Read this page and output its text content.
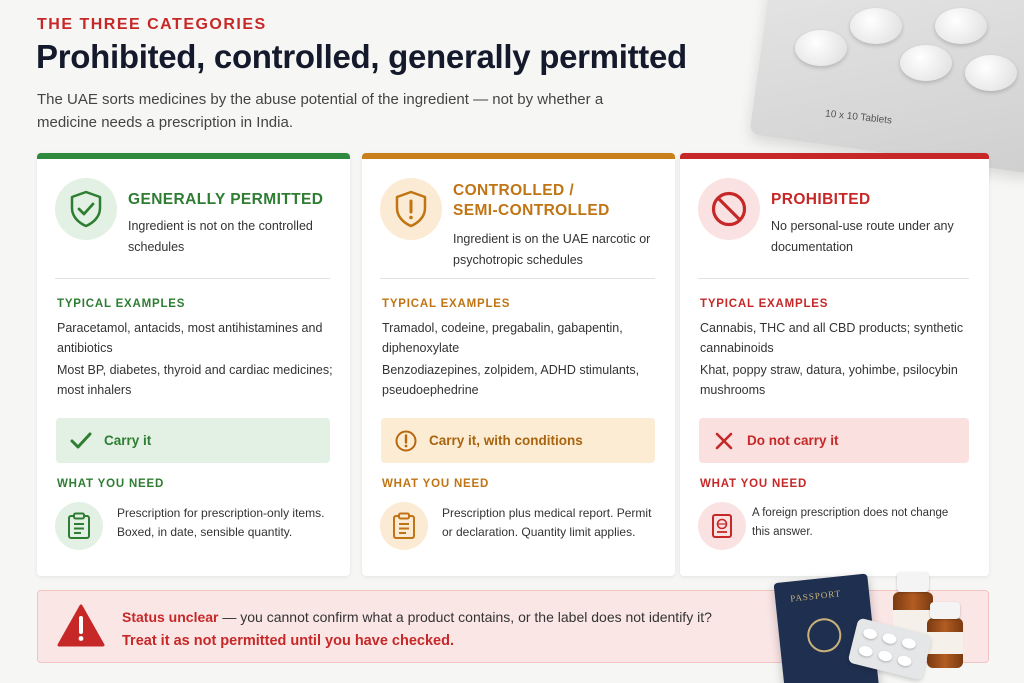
10 x 10 Tablets
THE THREE CATEGORIES
Prohibited, controlled, generally permitted

The UAE sorts medicines by the abuse potential of the ingredient — not by whether a medicine needs a prescription in India.

GENERALLY PERMITTED
Ingredient is not on the controlled schedules
TYPICAL EXAMPLES

Paracetamol, antacids, most antihistamines and antibiotics

Most BP, diabetes, thyroid and cardiac medicines; most inhalers

Carry it
WHAT YOU NEED
Prescription for prescription-only items. Boxed, in date, sensible quantity.
CONTROLLED / SEMI-CONTROLLED
Ingredient is on the UAE narcotic or psychotropic schedules
TYPICAL EXAMPLES

Tramadol, codeine, pregabalin, gabapentin, diphenoxylate

Benzodiazepines, zolpidem, ADHD stimulants, pseudoephedrine

Carry it, with conditions
WHAT YOU NEED
Prescription plus medical report. Permit or declaration. Quantity limit applies.
PROHIBITED
No personal-use route under any documentation
TYPICAL EXAMPLES

Cannabis, THC and all CBD products; synthetic cannabinoids

Khat, poppy straw, datura, yohimbe, psilocybin mushrooms

Do not carry it
WHAT YOU NEED
A foreign prescription does not change this answer.
Status unclear — you cannot confirm what a product contains, or the label does not identify it?
Treat it as not permitted until you have checked.
PASSPORT
